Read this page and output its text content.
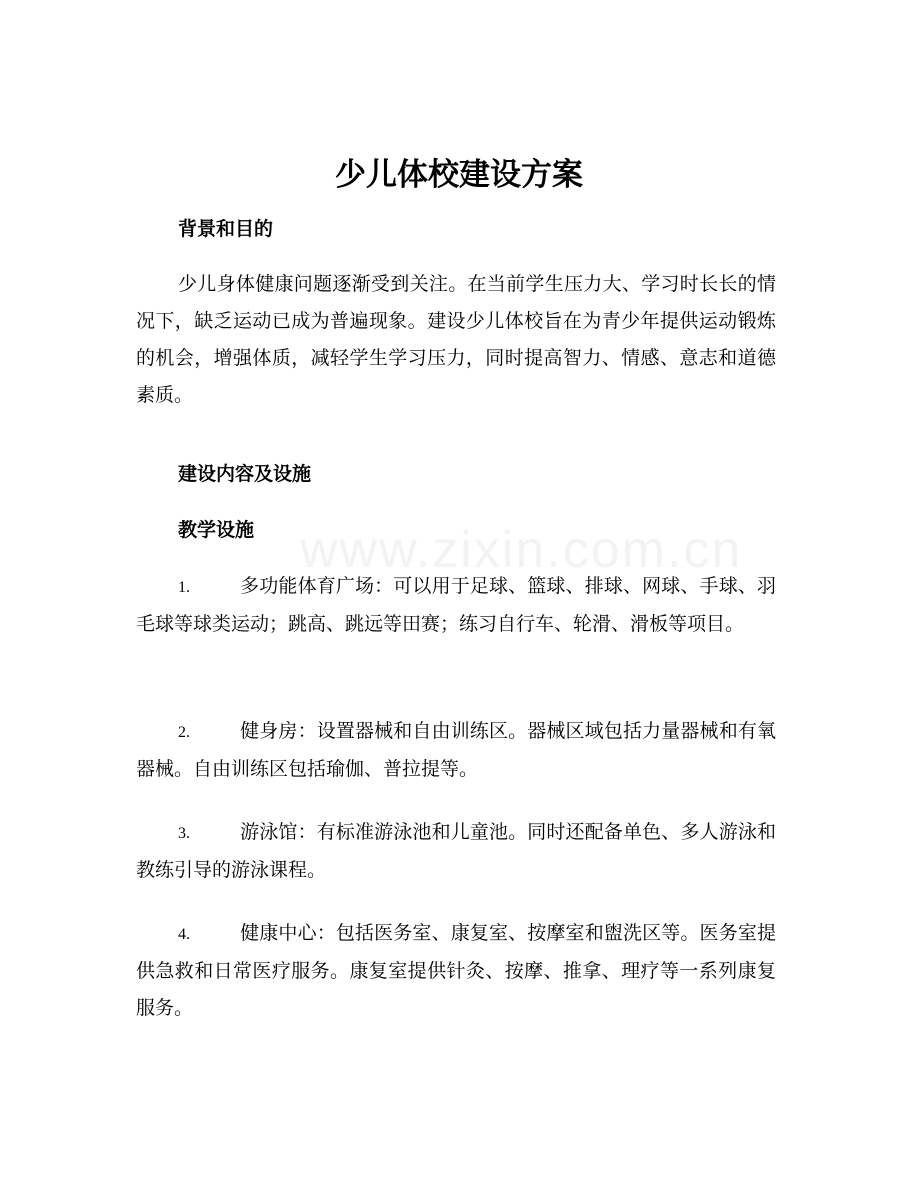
www.zixin.com.cn
少儿体校建设方案
背景和目的

少儿身体健康问题逐渐受到关注。在当前学生压力大、学习时长长的情况下，缺乏运动已成为普遍现象。建设少儿体校旨在为青少年提供运动锻炼的机会，增强体质，减轻学生学习压力，同时提高智力、情感、意志和道德素质。

建设内容及设施
教学设施

1.	多功能体育广场：可以用于足球、篮球、排球、网球、手球、羽毛球等球类运动；跳高、跳远等田赛；练习自行车、轮滑、滑板等项目。

2.	健身房：设置器械和自由训练区。器械区域包括力量器械和有氧器械。自由训练区包括瑜伽、普拉提等。

3.	游泳馆：有标准游泳池和儿童池。同时还配备单色、多人游泳和教练引导的游泳课程。

4.	健康中心：包括医务室、康复室、按摩室和盥洗区等。医务室提供急救和日常医疗服务。康复室提供针灸、按摩、推拿、理疗等一系列康复服务。
